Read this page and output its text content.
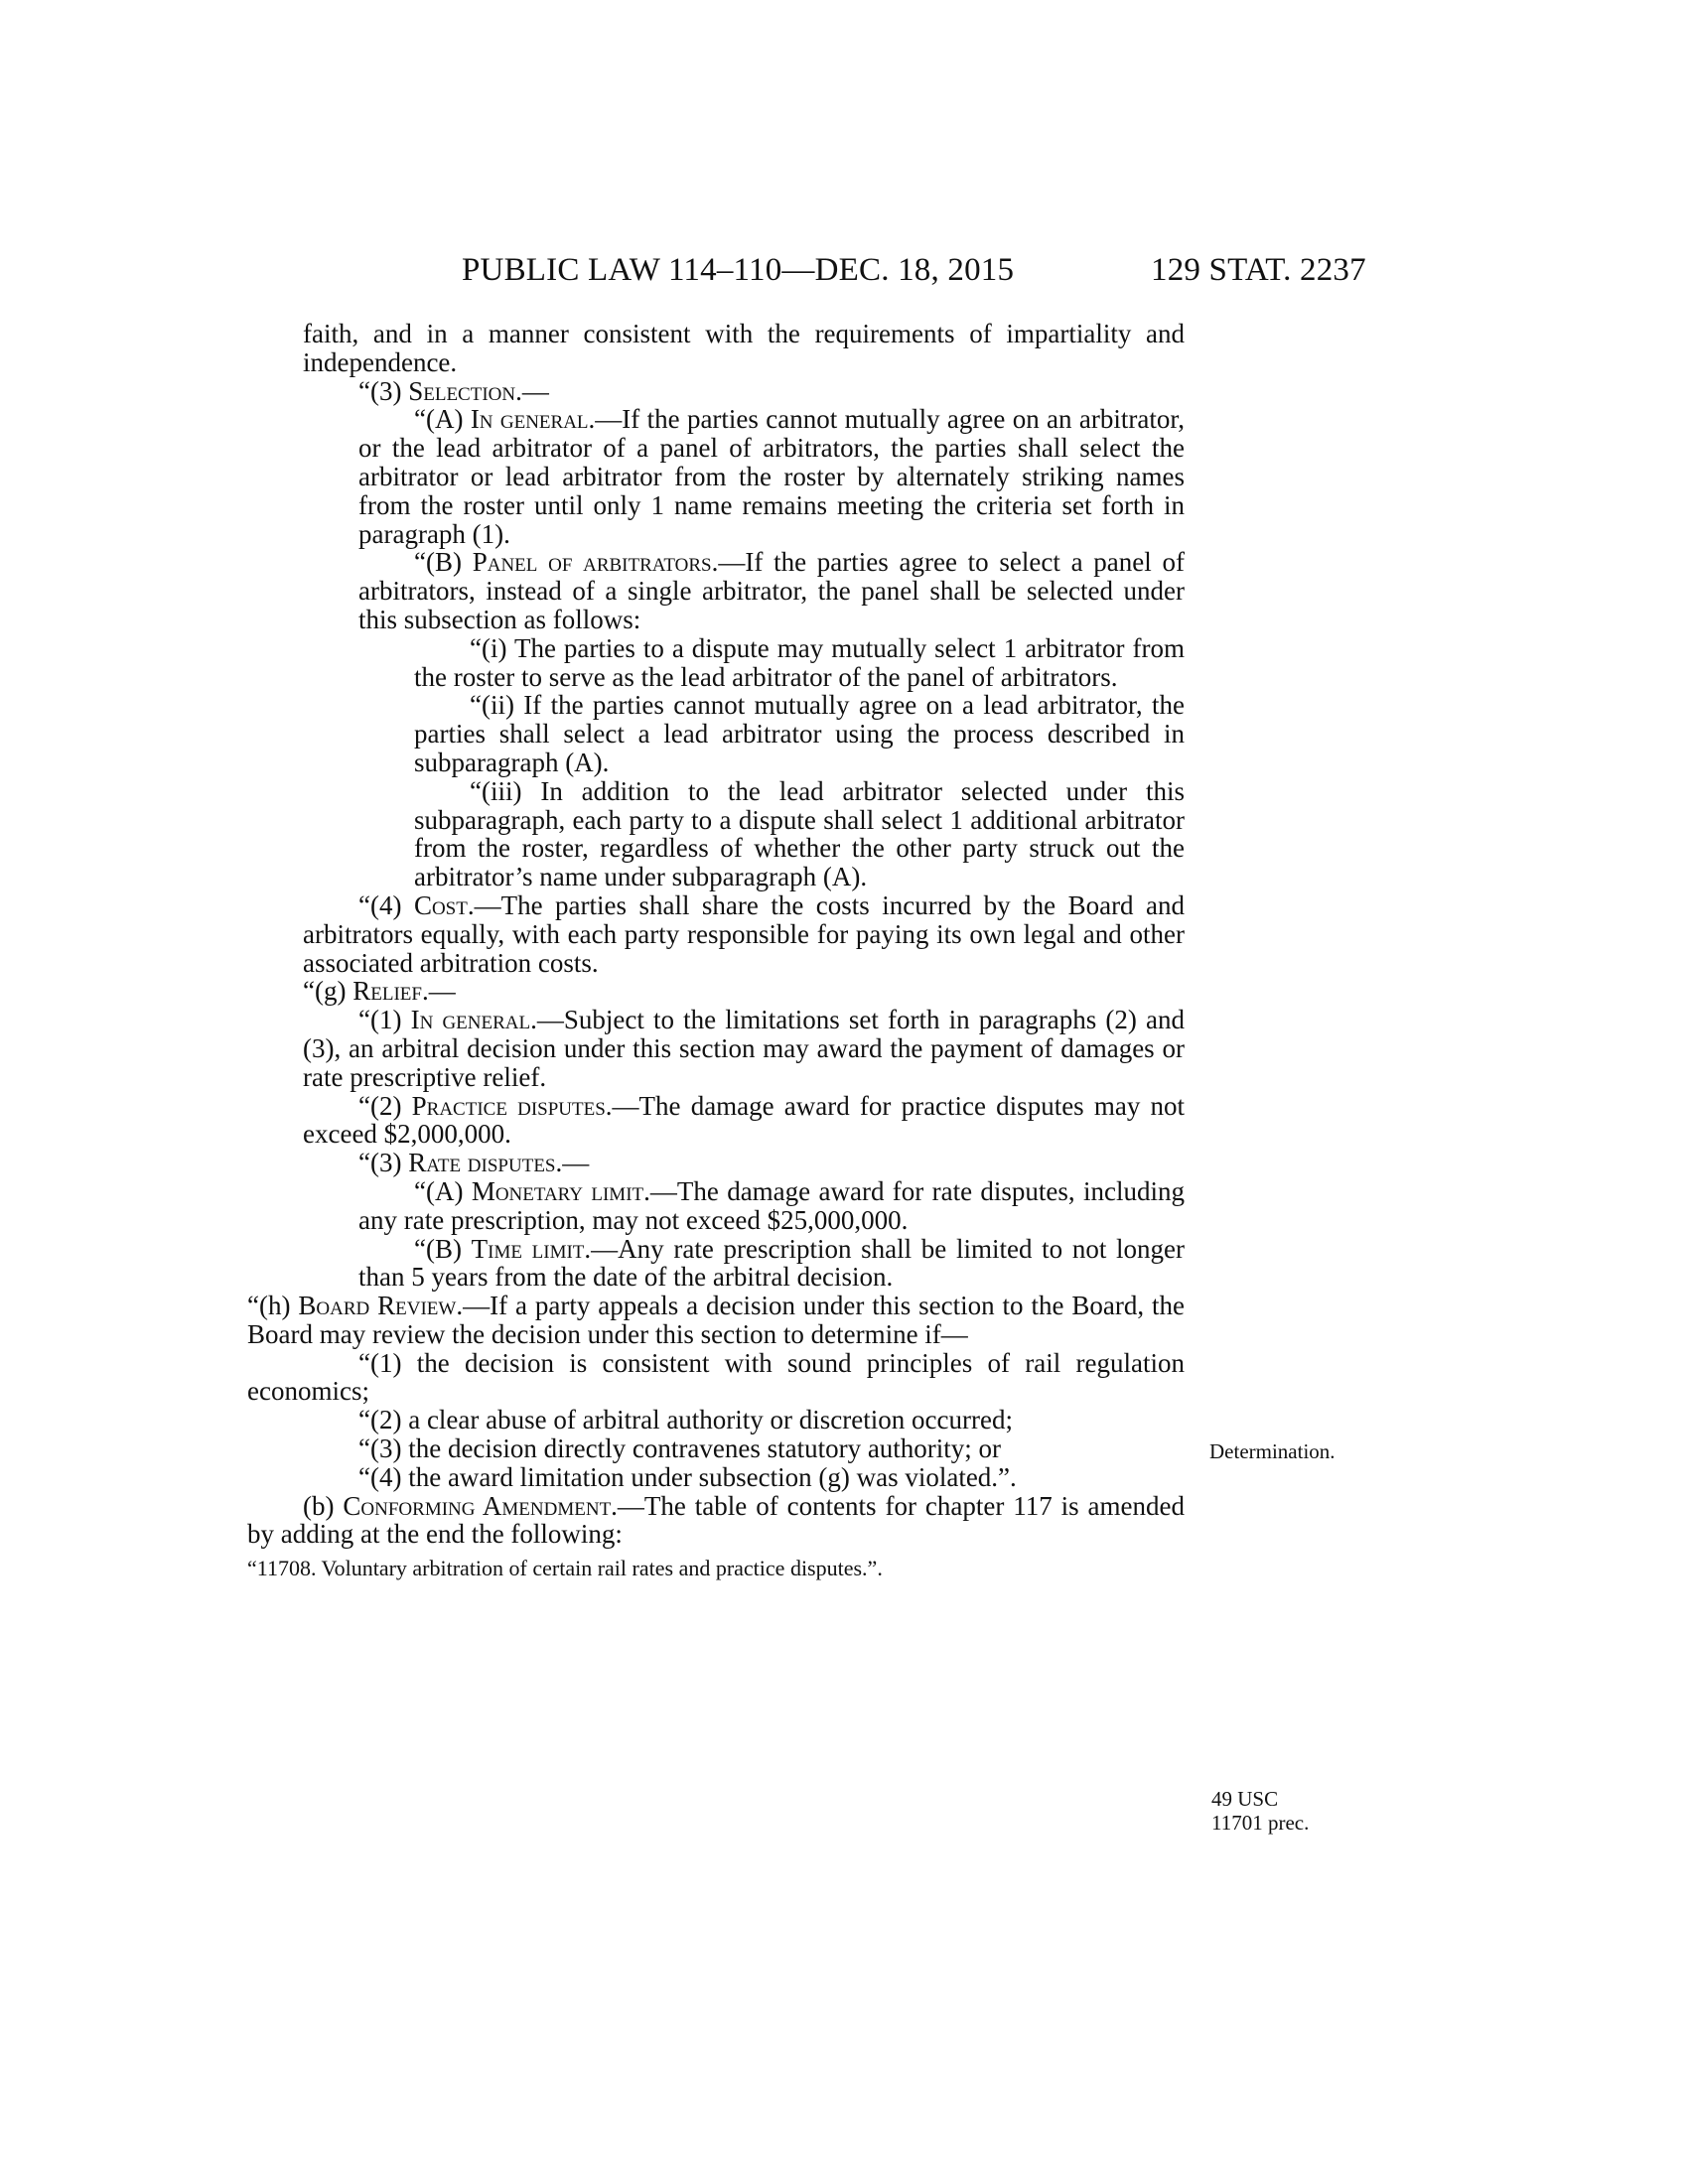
PUBLIC LAW 114–110—DEC. 18, 2015	129 STAT. 2237

faith, and in a manner consistent with the requirements of impartiality and independence.

“(3) Selection.—

“(A) In general.—If the parties cannot mutually agree on an arbitrator, or the lead arbitrator of a panel of arbitrators, the parties shall select the arbitrator or lead arbitrator from the roster by alternately striking names from the roster until only 1 name remains meeting the criteria set forth in paragraph (1).

“(B) Panel of arbitrators.—If the parties agree to select a panel of arbitrators, instead of a single arbitrator, the panel shall be selected under this subsection as follows:

“(i) The parties to a dispute may mutually select 1 arbitrator from the roster to serve as the lead arbitrator of the panel of arbitrators.

“(ii) If the parties cannot mutually agree on a lead arbitrator, the parties shall select a lead arbitrator using the process described in subparagraph (A).

“(iii) In addition to the lead arbitrator selected under this subparagraph, each party to a dispute shall select 1 additional arbitrator from the roster, regardless of whether the other party struck out the arbitrator’s name under subparagraph (A).

“(4) Cost.—The parties shall share the costs incurred by the Board and arbitrators equally, with each party responsible for paying its own legal and other associated arbitration costs.

“(g) Relief.—

“(1) In general.—Subject to the limitations set forth in paragraphs (2) and (3), an arbitral decision under this section may award the payment of damages or rate prescriptive relief.

“(2) Practice disputes.—The damage award for practice disputes may not exceed $2,000,000.

“(3) Rate disputes.—

“(A) Monetary limit.—The damage award for rate disputes, including any rate prescription, may not exceed $25,000,000.

“(B) Time limit.—Any rate prescription shall be limited to not longer than 5 years from the date of the arbitral decision.

“(h) Board Review.—If a party appeals a decision under this section to the Board, the Board may review the decision under this section to determine if—

“(1) the decision is consistent with sound principles of rail regulation economics;

“(2) a clear abuse of arbitral authority or discretion occurred;

“(3) the decision directly contravenes statutory authority; or

“(4) the award limitation under subsection (g) was violated.”.

(b) Conforming Amendment.—The table of contents for chapter 117 is amended by adding at the end the following:

“11708. Voluntary arbitration of certain rail rates and practice disputes.”.

Determination.
49 USC
11701 prec.
